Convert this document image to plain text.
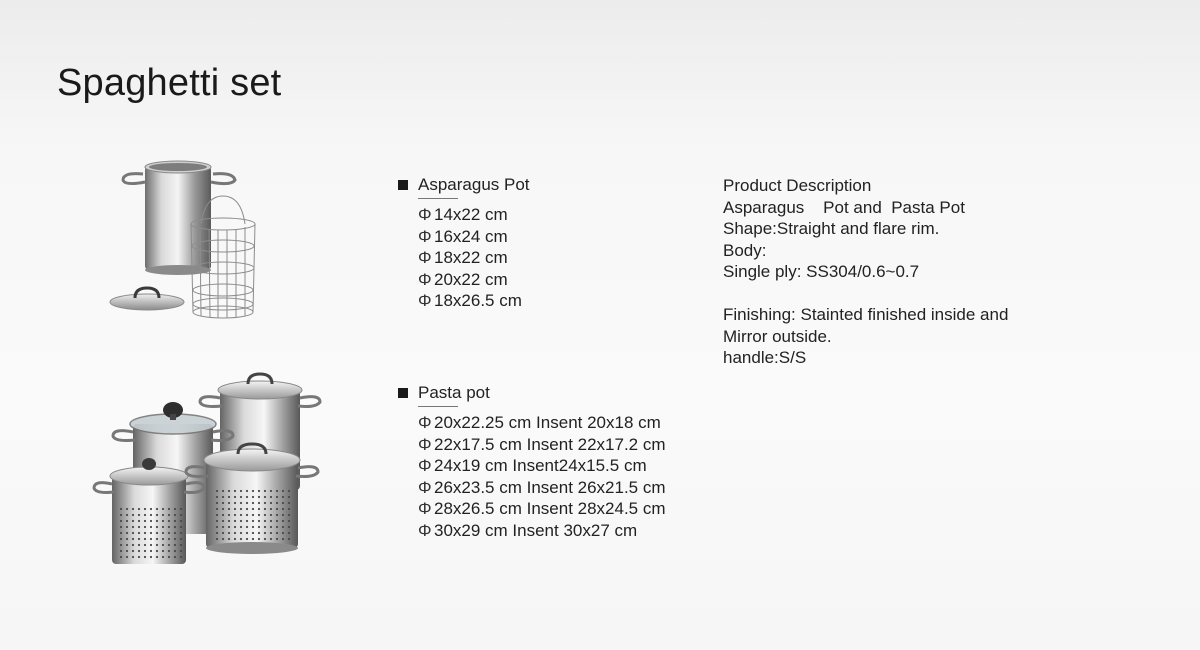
Spaghetti set
Asparagus Pot
Φ 14x22 cm
Φ 16x24 cm
Φ 18x22 cm
Φ 20x22 cm
Φ 18x26.5 cm
Pasta pot
Φ 20x22.25 cm Insent 20x18 cm
Φ 22x17.5 cm Insent 22x17.2 cm
Φ 24x19 cm Insent24x15.5 cm
Φ 26x23.5 cm Insent 26x21.5 cm
Φ 28x26.5 cm Insent 28x24.5 cm
Φ 30x29 cm Insent 30x27 cm
Product Description
Asparagus    Pot and  Pasta Pot
Shape:Straight and flare rim.
Body:
Single ply: SS304/0.6~0.7
Finishing: Stainted finished inside and
Mirror outside.
handle:S/S
